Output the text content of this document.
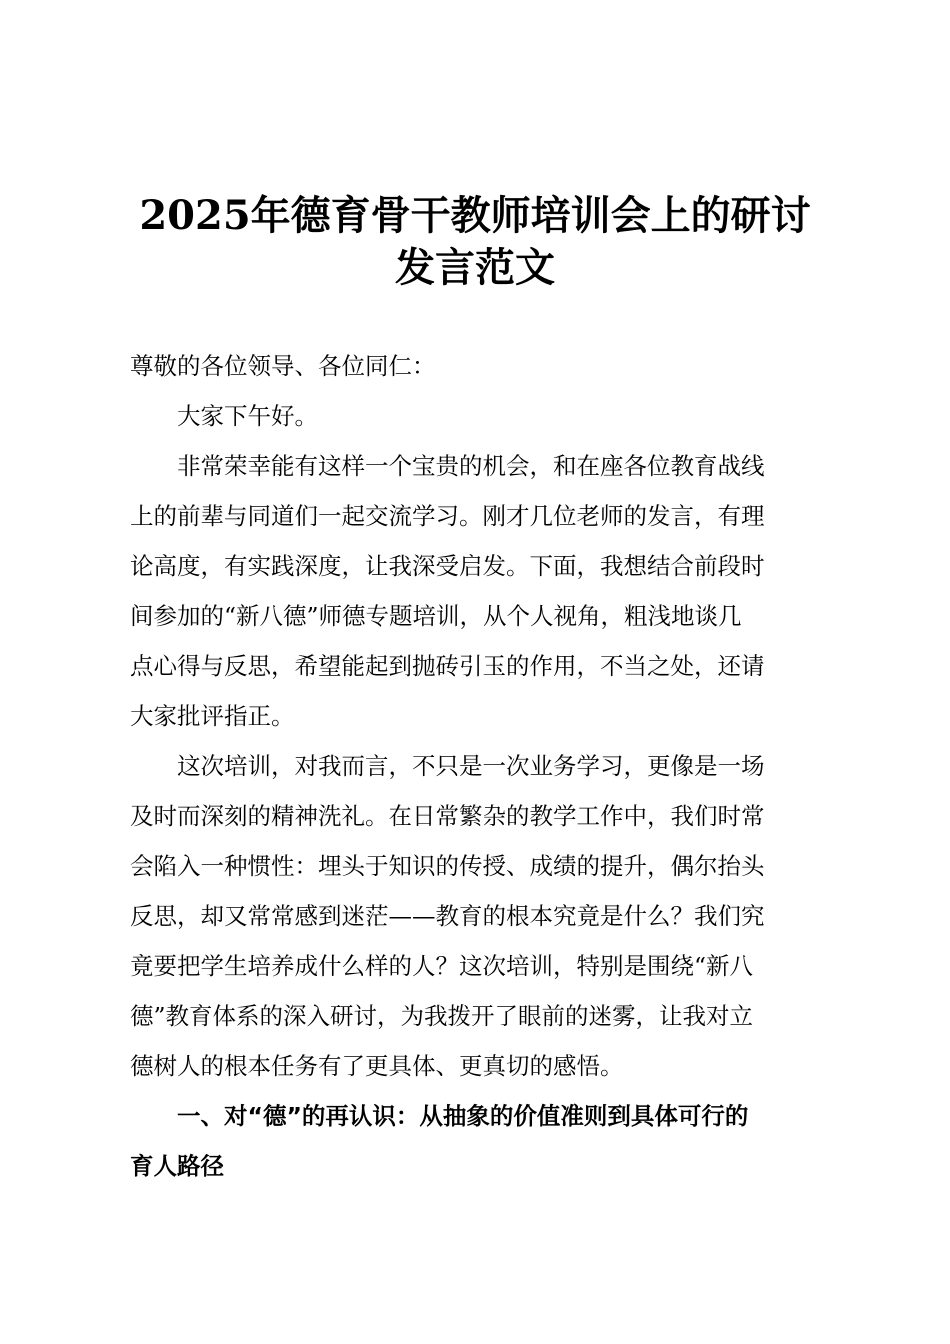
2025年德育骨干教师培训会上的研讨
发言范文
尊敬的各位领导、各位同仁：
　　大家下午好。
　　非常荣幸能有这样一个宝贵的机会，和在座各位教育战线
上的前辈与同道们一起交流学习。刚才几位老师的发言，有理
论高度，有实践深度，让我深受启发。下面，我想结合前段时
间参加的“新八德”师德专题培训，从个人视角，粗浅地谈几
点心得与反思，希望能起到抛砖引玉的作用，不当之处，还请
大家批评指正。
　　这次培训，对我而言，不只是一次业务学习，更像是一场
及时而深刻的精神洗礼。在日常繁杂的教学工作中，我们时常
会陷入一种惯性：埋头于知识的传授、成绩的提升，偶尔抬头
反思，却又常常感到迷茫——教育的根本究竟是什么？我们究
竟要把学生培养成什么样的人？这次培训，特别是围绕“新八
德”教育体系的深入研讨，为我拨开了眼前的迷雾，让我对立
德树人的根本任务有了更具体、更真切的感悟。
　　一、对“德”的再认识：从抽象的价值准则到具体可行的
育人路径
